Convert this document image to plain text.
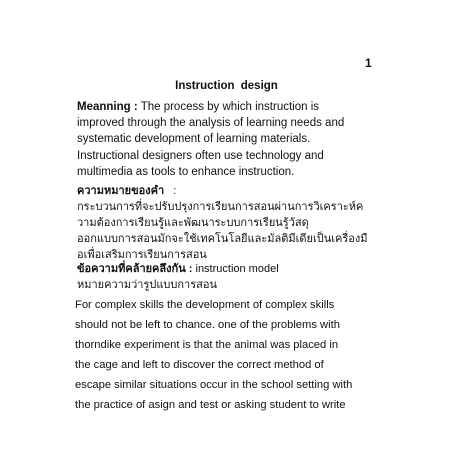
1
Instruction design
Meanning : The process by which instruction is
improved through the analysis of learning needs and
systematic development of learning materials.
Instructional designers often use technology and
multimedia as tools to enhance instruction.
ความหมายของคำ   :
กระบวนการที่จะปรับปรุงการเรียนการสอนผ่านการวิเคราะห์ค
วามต้องการเรียนรู้และพัฒนาระบบการเรียนรู้วัสดุ
ออกแบบการสอนมักจะใช้เทคโนโลยีและมัลติมีเดียเป็นเครื่องมื
อเพื่อเสริมการเรียนการสอน
ข้อความที่คล้ายคลึงกัน : instruction model
หมายความว่ารูปแบบการสอน
For complex skills the development of complex skills
should not be left to chance. one of the problems with
thorndike experiment is that the animal was placed in
the cage and left to discover the correct method of
escape similar situations occur in the school setting with
the practice of asign and test or asking student to write
